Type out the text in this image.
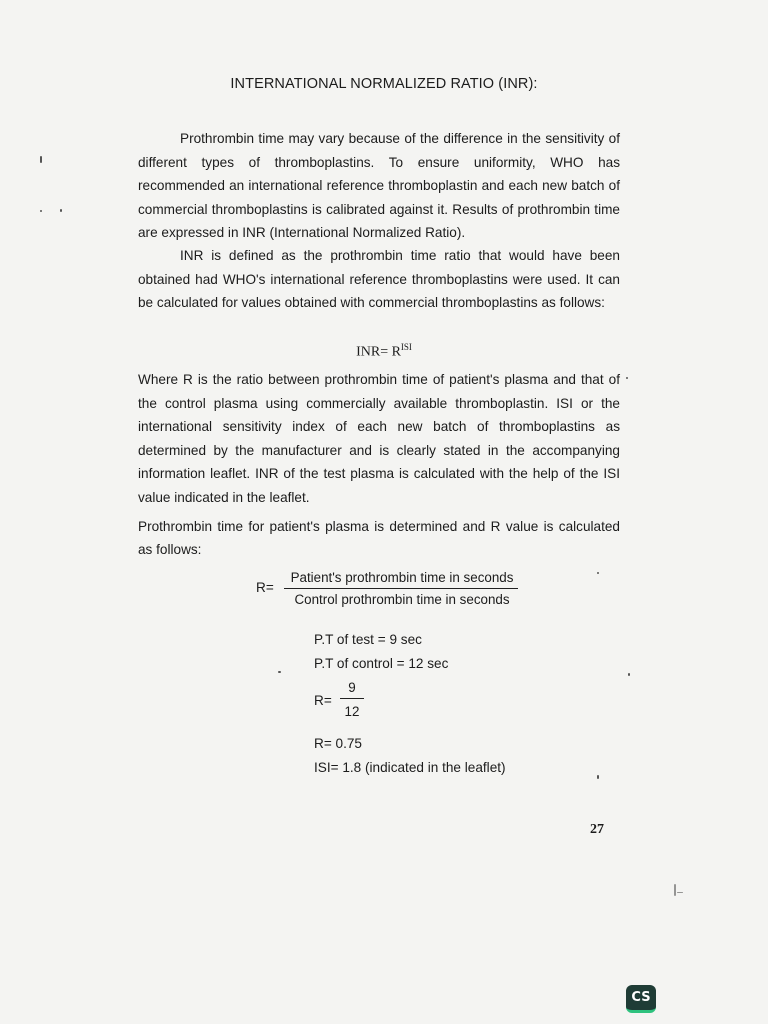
INTERNATIONAL NORMALIZED RATIO (INR):

Prothrombin time may vary because of the difference in the sensitivity of different types of thromboplastins. To ensure uniformity, WHO has recommended an international reference thromboplastin and each new batch of commercial thromboplastins is calibrated against it. Results of prothrombin time are expressed in INR (International Normalized Ratio).

INR is defined as the prothrombin time ratio that would have been obtained had WHO's international reference thromboplastins were used. It can be calculated for values obtained with commercial thromboplastins as follows:

$INR= R^{ISI}$

Where R is the ratio between prothrombin time of patient's plasma and that of the control plasma using commercially available thromboplastin. ISI or the international sensitivity index of each new batch of thromboplastins as determined by the manufacturer and is clearly stated in the accompanying information leaflet. INR of the test plasma is calculated with the help of the ISI value indicated in the leaflet.

Prothrombin time for patient's plasma is determined and R value is calculated as follows:

R=
Patient's prothrombin time in seconds
Control prothrombin time in seconds
P.T of test = 9 sec
P.T of control = 12 sec
R=
9
12
R= 0.75
ISI= 1.8 (indicated in the leaflet)
27
CS
